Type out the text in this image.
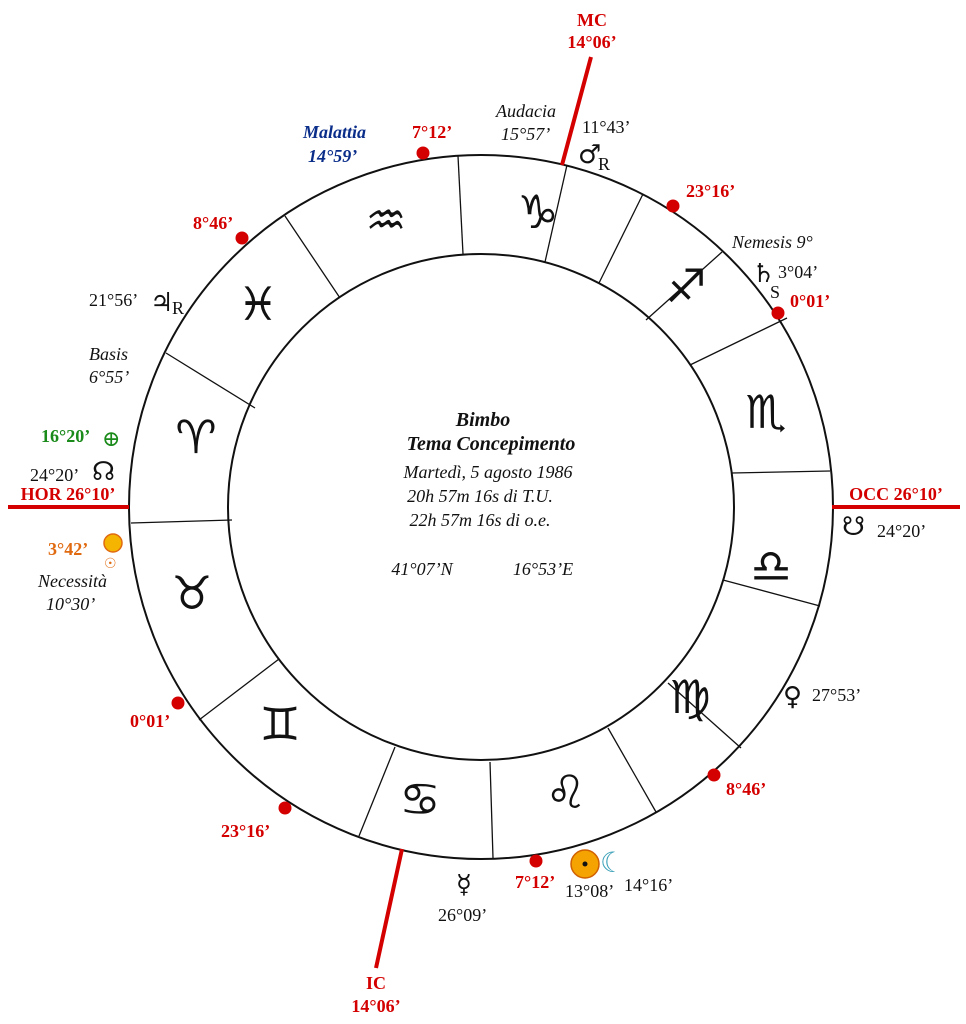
♑
♒
♓
♈
♉
♊
♋ ♌
♍
♎
♏
♐
Bimbo
Tema Concepimento
Martedì, 5 agosto 1986
20h 57m 16s di T.U.
22h 57m 16s di o.e.
41°07’N	16°53’E
MC
14°06’
IC
14°06’
HOR 26°10’	OCC 26°10’
7°12’
23°16’
0°01’
8°46’
0°01’
23°16’
7°12’
8°46’
Malattia
14°59’
Audacia
15°57’
Nemesis 9°
Basis
6°55’
Necessità
10°30’
11°43’
♂
R
♄
S
3°04’
21°56’ ♃
R
16°20’ ⊕
24°20’ ☊
☋ 24°20’
3°42’
☉
♀ 27°53’
☿
26°09’
13°08’
☾
14°16’
